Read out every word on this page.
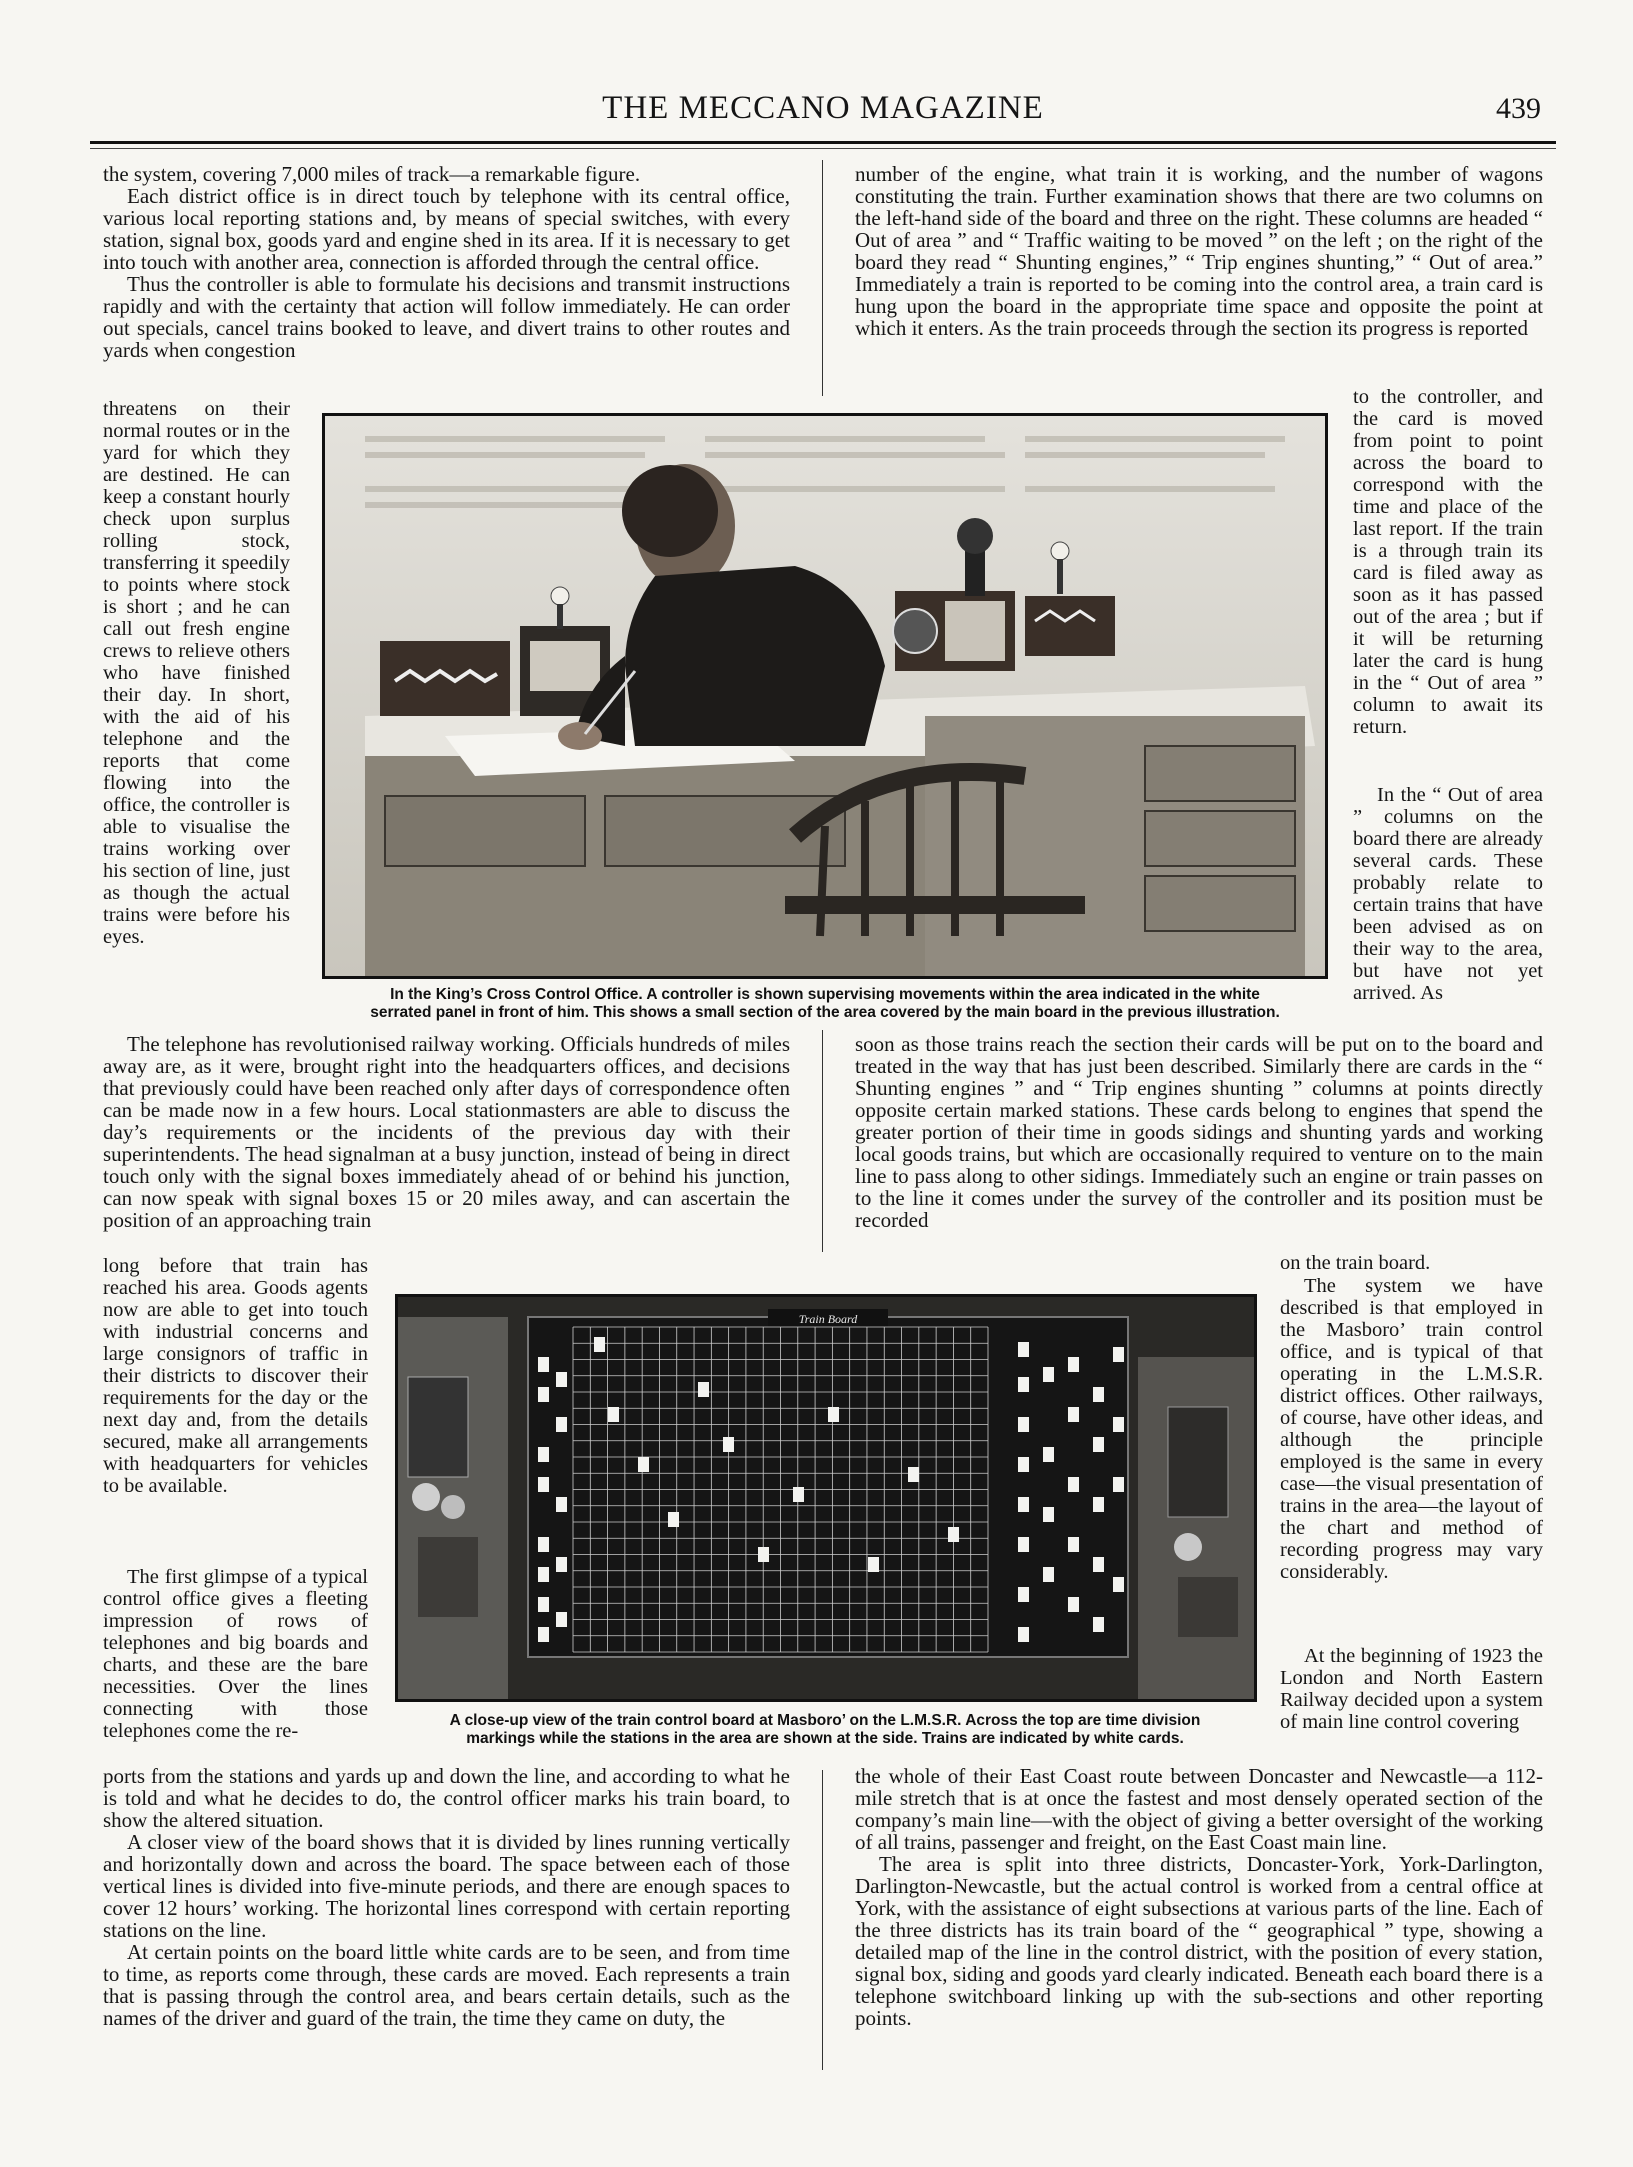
THE MECCANO MAGAZINE	439

the system, covering 7,000 miles of track—a remarkable figure.

Each district office is in direct touch by telephone with its central office, various local reporting stations and, by means of special switches, with every station, signal box, goods yard and engine shed in its area. If it is necessary to get into touch with another area, connection is afforded through the central office.

Thus the controller is able to formulate his decisions and transmit instructions rapidly and with the certainty that action will follow immediately. He can order out specials, cancel trains booked to leave, and divert trains to other routes and yards when congestion

threatens on their normal routes or in the yard for which they are destined. He can keep a constant hourly check upon surplus rolling stock, transferring it speedily to points where stock is short ; and he can call out fresh engine crews to relieve others who have finished their day. In short, with the aid of his telephone and the reports that come flowing into the office, the controller is able to visualise the trains working over his section of line, just as though the actual trains were before his eyes.

The telephone has revolutionised railway working. Officials hundreds of miles away are, as it were, brought right into the headquarters offices, and decisions that previously could have been reached only after days of correspondence often can be made now in a few hours. Local stationmasters are able to discuss the day’s requirements or the incidents of the previous day with their superintendents. The head signalman at a busy junction, instead of being in direct touch only with the signal boxes immediately ahead of or behind his junction, can now speak with signal boxes 15 or 20 miles away, and can ascertain the position of an approaching train

long before that train has reached his area. Goods agents now are able to get into touch with industrial concerns and large consignors of traffic in their districts to discover their requirements for the day or the next day and, from the details secured, make all arrangements with headquarters for vehicles to be available.

The first glimpse of a typical control office gives a fleeting impression of rows of telephones and big boards and charts, and these are the bare necessities. Over the lines connecting with those telephones come the re-

ports from the stations and yards up and down the line, and according to what he is told and what he decides to do, the control officer marks his train board, to show the altered situation.

A closer view of the board shows that it is divided by lines running vertically and horizontally down and across the board. The space between each of those vertical lines is divided into five-minute periods, and there are enough spaces to cover 12 hours’ working. The horizontal lines correspond with certain reporting stations on the line.

At certain points on the board little white cards are to be seen, and from time to time, as reports come through, these cards are moved. Each represents a train that is passing through the control area, and bears certain details, such as the names of the driver and guard of the train, the time they came on duty, the

number of the engine, what train it is working, and the number of wagons constituting the train. Further examination shows that there are two columns on the left-hand side of the board and three on the right. These columns are headed “ Out of area ” and “ Traffic waiting to be moved ” on the left ; on the right of the board they read “ Shunting engines,” “ Trip engines shunting,” “ Out of area.” Immediately a train is reported to be coming into the control area, a train card is hung upon the board in the appropriate time space and opposite the point at which it enters. As the train proceeds through the section its progress is reported

to the controller, and the card is moved from point to point across the board to correspond with the time and place of the last report. If the train is a through train its card is filed away as soon as it has passed out of the area ; but if it will be returning later the card is hung in the “ Out of area ” column to await its return.

In the “ Out of area ” columns on the board there are already several cards. These probably relate to certain trains that have been advised as on their way to the area, but have not yet arrived. As

soon as those trains reach the section their cards will be put on to the board and treated in the way that has just been described. Similarly there are cards in the “ Shunting engines ” and “ Trip engines shunting ” columns at points directly opposite certain marked stations. These cards belong to engines that spend the greater portion of their time in goods sidings and shunting yards and working local goods trains, but which are occasionally required to venture on to the main line to pass along to other sidings. Immediately such an engine or train passes on to the line it comes under the survey of the controller and its position must be recorded

on the train board.

The system we have described is that employed in the Masboro’ train control office, and is typical of that operating in the L.M.S.R. district offices. Other railways, of course, have other ideas, and although the principle employed is the same in every case—the visual presentation of trains in the area—the layout of the chart and method of recording progress may vary considerably.

At the beginning of 1923 the London and North Eastern Railway decided upon a system of main line control covering

the whole of their East Coast route between Doncaster and Newcastle—a 112-mile stretch that is at once the fastest and most densely operated section of the company’s main line—with the object of giving a better oversight of the working of all trains, passenger and freight, on the East Coast main line.

The area is split into three districts, Doncaster-York, York-Darlington, Darlington-Newcastle, but the actual control is worked from a central office at York, with the assistance of eight subsections at various parts of the line. Each of the three districts has its train board of the “ geographical ” type, showing a detailed map of the line in the control district, with the position of every station, signal box, siding and goods yard clearly indicated. Beneath each board there is a telephone switchboard linking up with the sub-sections and other reporting points.

In the King’s Cross Control Office. A controller is shown supervising movements within the area indicated in the white
serrated panel in front of him. This shows a small section of the area covered by the main board in the previous illustration.
Train Board
A close-up view of the train control board at Masboro’ on the L.M.S.R. Across the top are time division
markings while the stations in the area are shown at the side. Trains are indicated by white cards.
